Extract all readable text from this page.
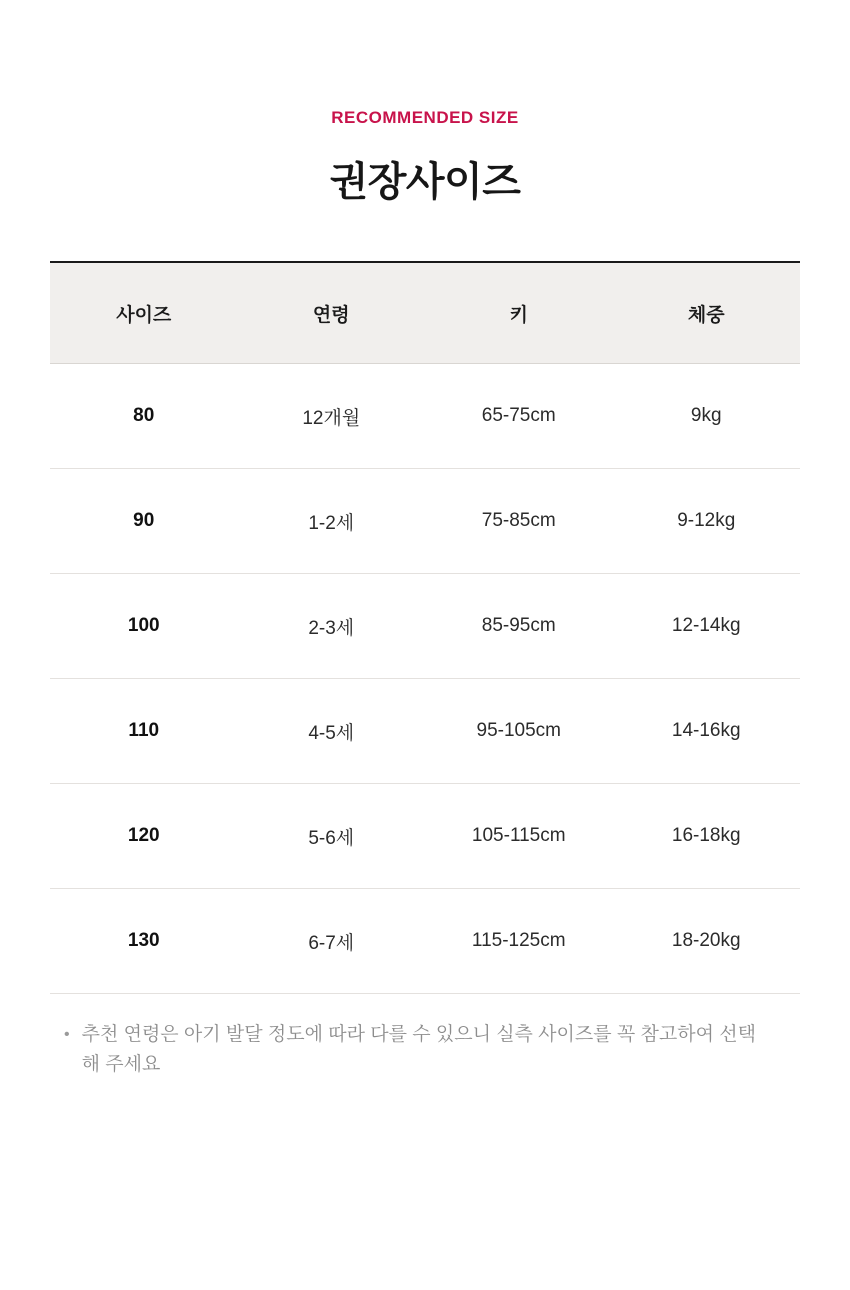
RECOMMENDED SIZE
권장사이즈
사이즈	연령	키	체중
80	12개월	65-75cm	9kg
90	1-2세	75-85cm	9-12kg
100	2-3세	85-95cm	12-14kg
110	4-5세	95-105cm	14-16kg
120	5-6세	105-115cm	16-18kg
130	6-7세	115-125cm	18-20kg
• 추천 연령은 아기 발달 정도에 따라 다를 수 있으니 실측 사이즈를 꼭 참고하여 선택해 주세요
